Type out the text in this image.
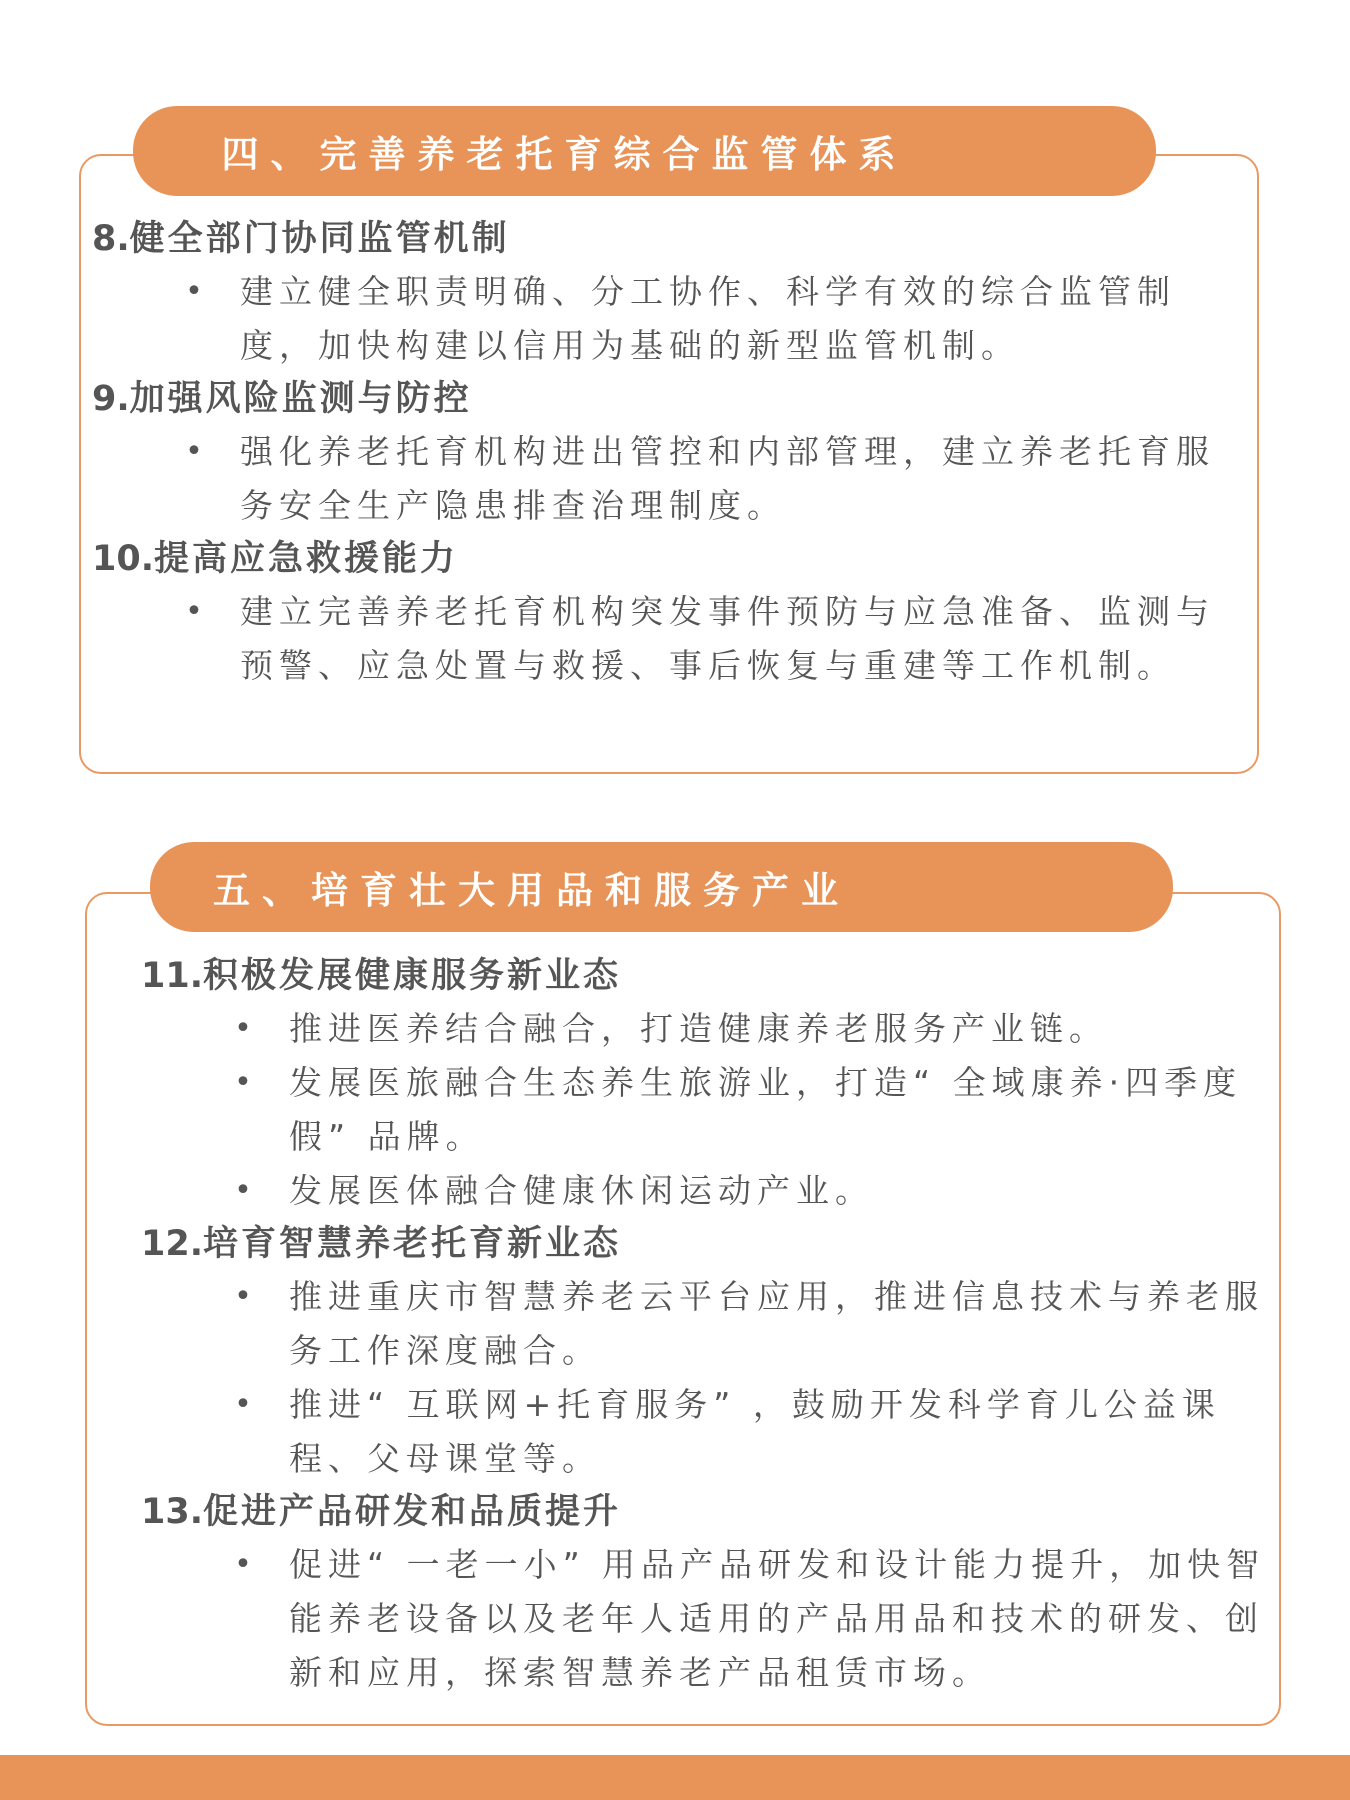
四、完善养老托育综合监管体系
8.健全部门协同监管机制
• 建立健全职责明确、分工协作、科学有效的综合监管制度，加快构建以信用为基础的新型监管机制。
9.加强风险监测与防控
• 强化养老托育机构进出管控和内部管理，建立养老托育服务安全生产隐患排查治理制度。
10.提高应急救援能力
• 建立完善养老托育机构突发事件预防与应急准备、监测与预警、应急处置与救援、事后恢复与重建等工作机制。
五、培育壮大用品和服务产业
11.积极发展健康服务新业态
• 推进医养结合融合，打造健康养老服务产业链。
• 发展医旅融合生态养生旅游业，打造“ 全域康养·四季度假” 品牌。
• 发展医体融合健康休闲运动产业。
12.培育智慧养老托育新业态
• 推进重庆市智慧养老云平台应用，推进信息技术与养老服务工作深度融合。
• 推进“ 互联网+托育服务” ，鼓励开发科学育儿公益课程、父母课堂等。
13.促进产品研发和品质提升
• 促进“ 一老一小” 用品产品研发和设计能力提升，加快智能养老设备以及老年人适用的产品用品和技术的研发、创新和应用，探索智慧养老产品租赁市场。
